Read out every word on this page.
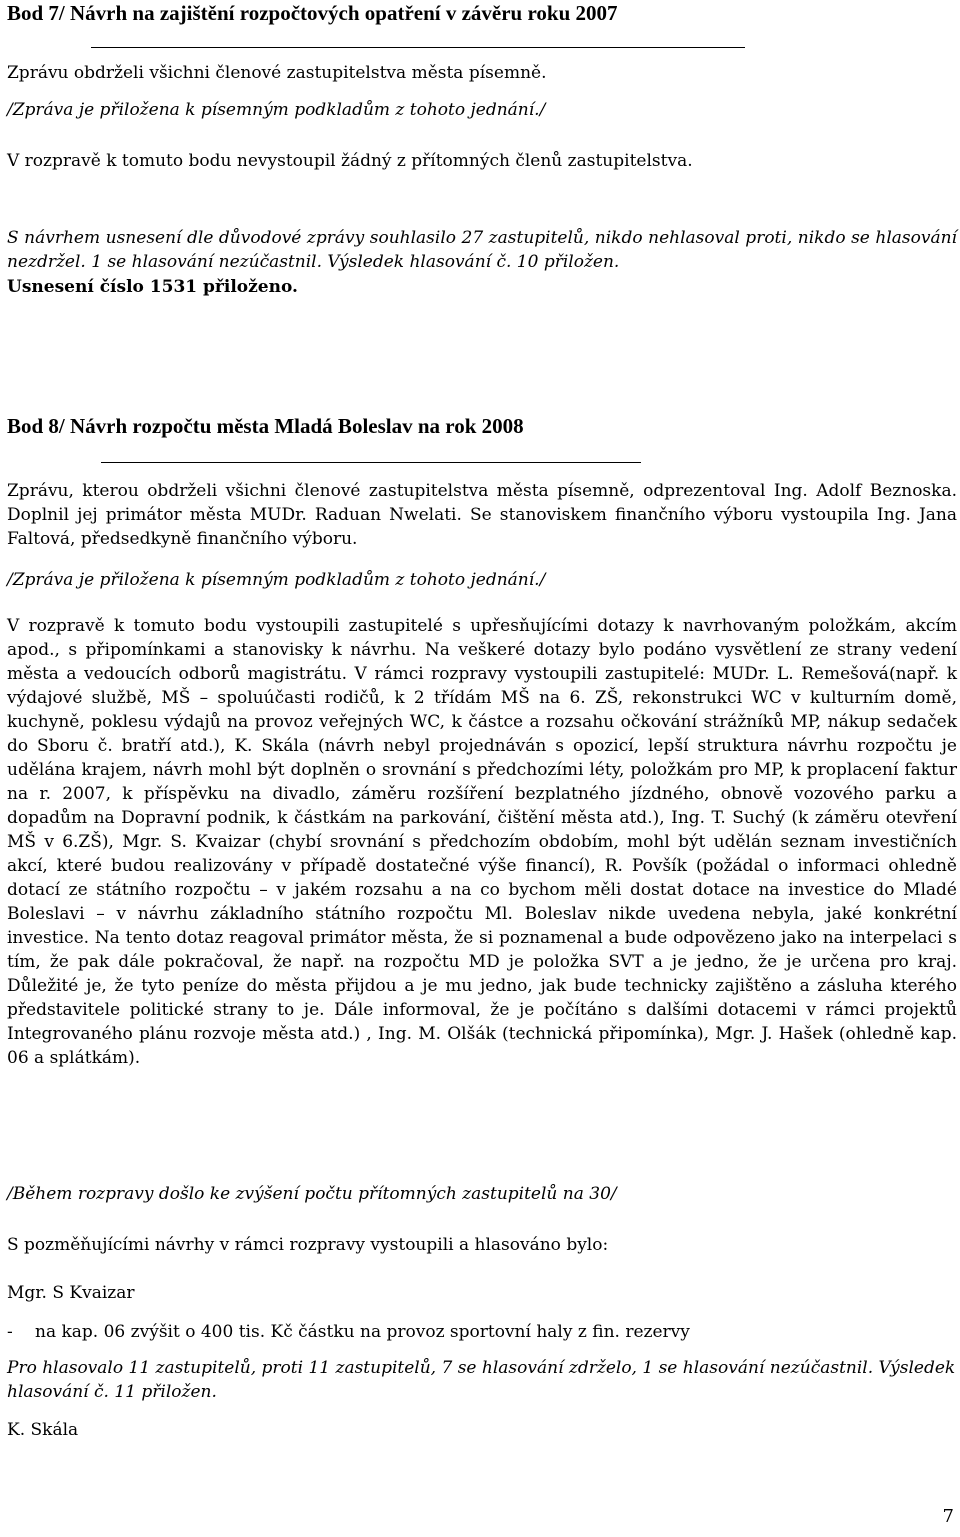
Bod 7/ Návrh na zajištění rozpočtových opatření v závěru roku 2007

Zprávu obdrželi všichni členové zastupitelstva města písemně.

/Zpráva je přiložena k písemným podkladům z tohoto jednání./

V rozpravě k tomuto bodu nevystoupil žádný z přítomných členů zastupitelstva.

S návrhem usnesení dle důvodové zprávy souhlasilo 27 zastupitelů, nikdo nehlasoval proti, nikdo se hlasování nezdržel. 1 se hlasování nezúčastnil. Výsledek hlasování č. 10 přiložen.

Usnesení číslo 1531 přiloženo.

Bod 8/ Návrh rozpočtu města Mladá Boleslav na rok 2008

Zprávu, kterou obdrželi všichni členové zastupitelstva města písemně, odprezentoval Ing. Adolf Beznoska. Doplnil jej primátor města MUDr. Raduan Nwelati. Se stanoviskem finančního výboru vystoupila Ing. Jana Faltová, předsedkyně finančního výboru.

/Zpráva je přiložena k písemným podkladům z tohoto jednání./

V rozpravě k tomuto bodu vystoupili zastupitelé s upřesňujícími dotazy k navrhovaným položkám, akcím apod., s připomínkami a stanovisky k návrhu. Na veškeré dotazy bylo podáno vysvětlení ze strany vedení města a vedoucích odborů magistrátu. V rámci rozpravy vystoupili zastupitelé: MUDr. L. Remešová(např. k výdajové službě, MŠ – spoluúčasti rodičů, k 2 třídám MŠ na 6. ZŠ, rekonstrukci WC v kulturním domě, kuchyně, poklesu výdajů na provoz veřejných WC, k částce a rozsahu očkování strážníků MP, nákup sedaček do Sboru č. bratří atd.), K. Skála (návrh nebyl projednáván s opozicí, lepší struktura návrhu rozpočtu je udělána krajem, návrh mohl být doplněn o srovnání s předchozími léty, položkám pro MP, k proplacení faktur na r. 2007, k příspěvku na divadlo, záměru rozšíření bezplatného jízdného, obnově vozového parku a dopadům na Dopravní podnik, k částkám na parkování, čištění města atd.), Ing. T. Suchý (k záměru otevření MŠ v 6.ZŠ), Mgr. S. Kvaizar (chybí srovnání s předchozím obdobím, mohl být udělán seznam investičních akcí, které budou realizovány v případě dostatečné výše financí), R. Povšík (požádal o informaci ohledně dotací ze státního rozpočtu – v jakém rozsahu a na co bychom měli dostat dotace na investice do Mladé Boleslavi – v návrhu základního státního rozpočtu Ml. Boleslav nikde uvedena nebyla, jaké konkrétní investice. Na tento dotaz reagoval primátor města, že si poznamenal a bude odpovězeno jako na interpelaci s tím, že pak dále pokračoval, že např. na rozpočtu MD je položka SVT a je jedno, že je určena pro kraj. Důležité je, že tyto peníze do města přijdou a je mu jedno, jak bude technicky zajištěno a zásluha kterého představitele politické strany to je. Dále informoval, že je počítáno s dalšími dotacemi v rámci projektů Integrovaného plánu rozvoje města atd.) , Ing. M. Olšák (technická připomínka), Mgr. J. Hašek (ohledně kap. 06 a splátkám).

/Během rozpravy došlo ke zvýšení počtu přítomných zastupitelů na 30/

S pozměňujícími návrhy v rámci rozpravy vystoupili a hlasováno bylo:

Mgr. S Kvaizar

- na kap. 06 zvýšit o 400 tis. Kč částku na provoz sportovní haly z fin. rezervy

Pro hlasovalo 11 zastupitelů, proti 11 zastupitelů, 7 se hlasování zdrželo, 1 se hlasování nezúčastnil. Výsledek hlasování č. 11 přiložen.

K. Skála

7
